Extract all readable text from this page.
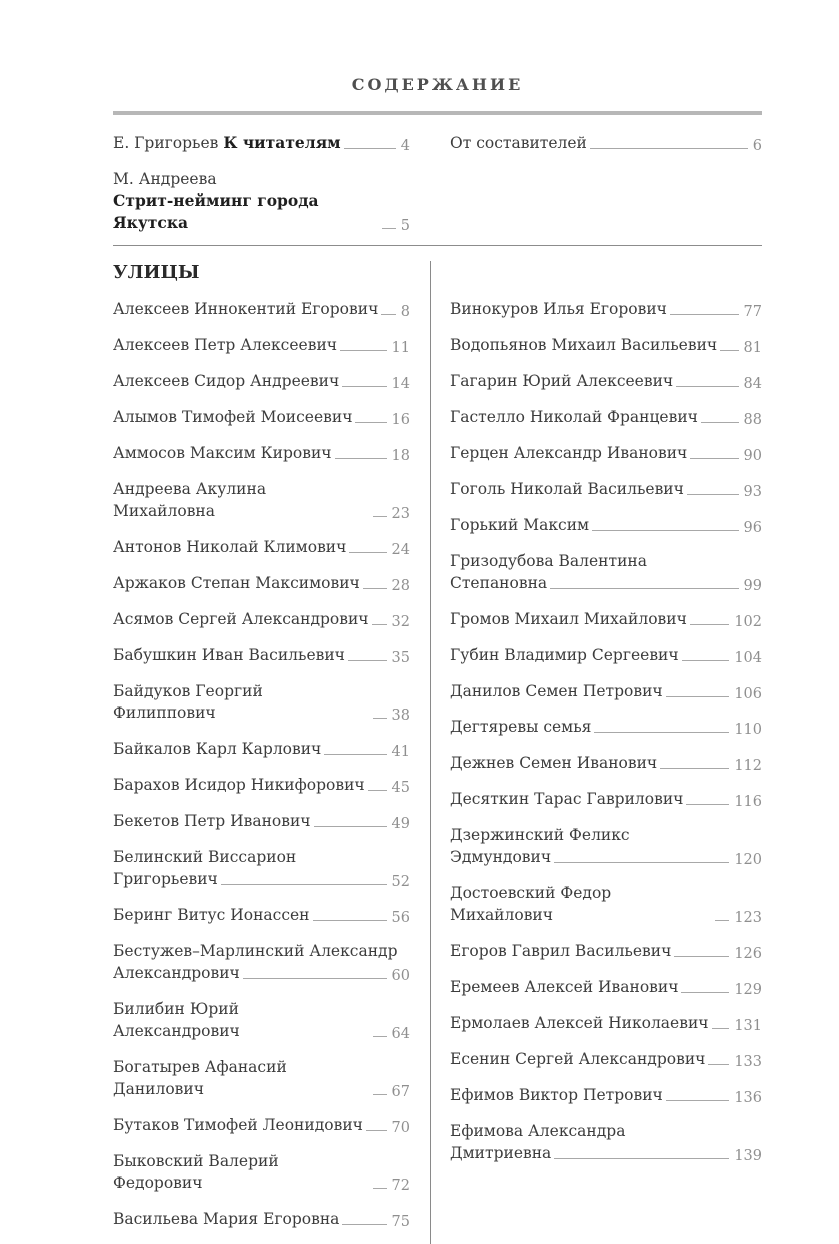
СОДЕРЖАНИЕ
Е. Григорьев К читателям	4
М. Андреева
Стрит-нейминг города Якутска	5
От составителей	6
УЛИЦЫ
Алексеев Иннокентий Егорович 8
Алексеев Петр Алексеевич	11
Алексеев Сидор Андреевич	14
Алымов Тимофей Моисеевич	16
Аммосов Максим Кирович	18
Андреева Акулина Михайловна	23
Антонов Николай Климович	24
Аржаков Степан Максимович 28
Асямов Сергей Александрович 32
Бабушкин Иван Васильевич	35
Байдуков Георгий Филиппович	38
Байкалов Карл Карлович	41
Барахов Исидор Никифорович 45
Бекетов Петр Иванович	49
Белинский Виссарион
Григорьевич	52
Беринг Витус Ионассен	56
Бестужев–Марлинский Александр
Александрович	60
Билибин Юрий Александрович	64
Богатырев Афанасий Данилович	67
Бутаков Тимофей Леонидович 70
Быковский Валерий Федорович	72
Васильева Мария Егоровна	75
Винокуров Илья Егорович	77
Водопьянов Михаил Васильевич 81
Гагарин Юрий Алексеевич	84
Гастелло Николай Францевич	88
Герцен Александр Иванович	90
Гоголь Николай Васильевич	93
Горький Максим	96
Гризодубова Валентина
Степановна	99
Громов Михаил Михайлович	102
Губин Владимир Сергеевич	104
Данилов Семен Петрович	106
Дегтяревы семья	110
Дежнев Семен Иванович	112
Десяткин Тарас Гаврилович	116
Дзержинский Феликс
Эдмундович	120
Достоевский Федор Михайлович	123
Егоров Гаврил Васильевич	126
Еремеев Алексей Иванович	129
Ермолаев Алексей Николаевич 131
Есенин Сергей Александрович 133
Ефимов Виктор Петрович	136
Ефимова Александра
Дмитриевна	139
